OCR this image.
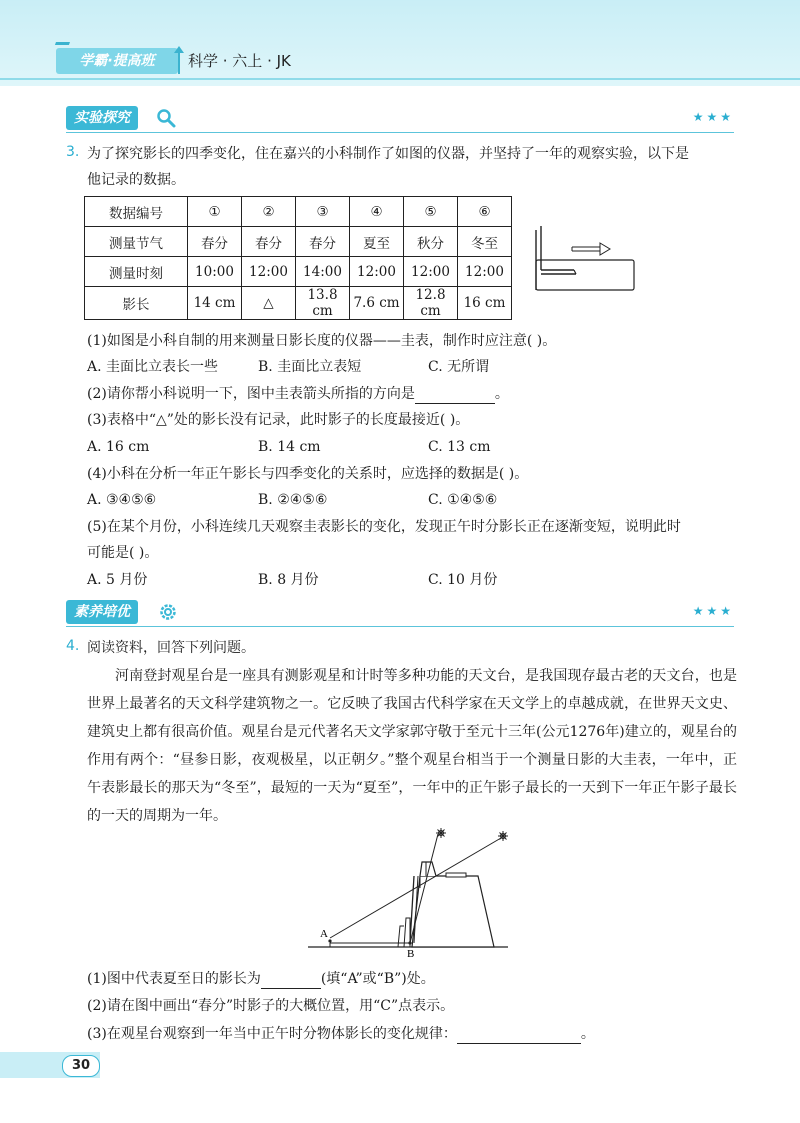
学霸·提高班	科学 · 六上 · JK
实验探究	★★★
3. 为了探究影长的四季变化，住在嘉兴的小科制作了如图的仪器，并坚持了一年的观察实验，以下是
他记录的数据。
数据编号	①	②	③	④	⑤	⑥
测量节气	春分	春分	春分	夏至	秋分	冬至
测量时刻	10:00	12:00	14:00	12:00	12:00	12:00
影长	14 cm	△	13.8 cm	7.6 cm	12.8 cm	16 cm
(1)如图是小科自制的用来测量日影长度的仪器——圭表，制作时应注意( )。
A. 圭面比立表长一些	B. 圭面比立表短	C. 无所谓
(2)请你帮小科说明一下，图中圭表箭头所指的方向是	。
(3)表格中“△”处的影长没有记录，此时影子的长度最接近( )。
A. 16 cm	B. 14 cm	C. 13 cm
(4)小科在分析一年正午影长与四季变化的关系时，应选择的数据是( )。
A. ③④⑤⑥	B. ②④⑤⑥	C. ①④⑤⑥
(5)在某个月份，小科连续几天观察圭表影长的变化，发现正午时分影长正在逐渐变短，说明此时
可能是( )。
A. 5 月份	B. 8 月份	C. 10 月份
素养培优	★★★
4. 阅读资料，回答下列问题。
河南登封观星台是一座具有测影观星和计时等多种功能的天文台，是我国现存最古老的天文台，也是世界上最著名的天文科学建筑物之一。它反映了我国古代科学家在天文学上的卓越成就，在世界天文史、建筑史上都有很高价值。观星台是元代著名天文学家郭守敬于至元十三年(公元1276年)建立的，观星台的作用有两个：“昼参日影，夜观极星，以正朝夕。”整个观星台相当于一个测量日影的大圭表，一年中，正午表影最长的那天为“冬至”，最短的一天为“夏至”，一年中的正午影子最长的一天到下一年正午影子最长的一天的周期为一年。
A
B
(1)图中代表夏至日的影长为	(填“A”或“B”)处。
(2)请在图中画出“春分”时影子的大概位置，用“C”点表示。
(3)在观星台观察到一年当中正午时分物体影长的变化规律：	。
30
